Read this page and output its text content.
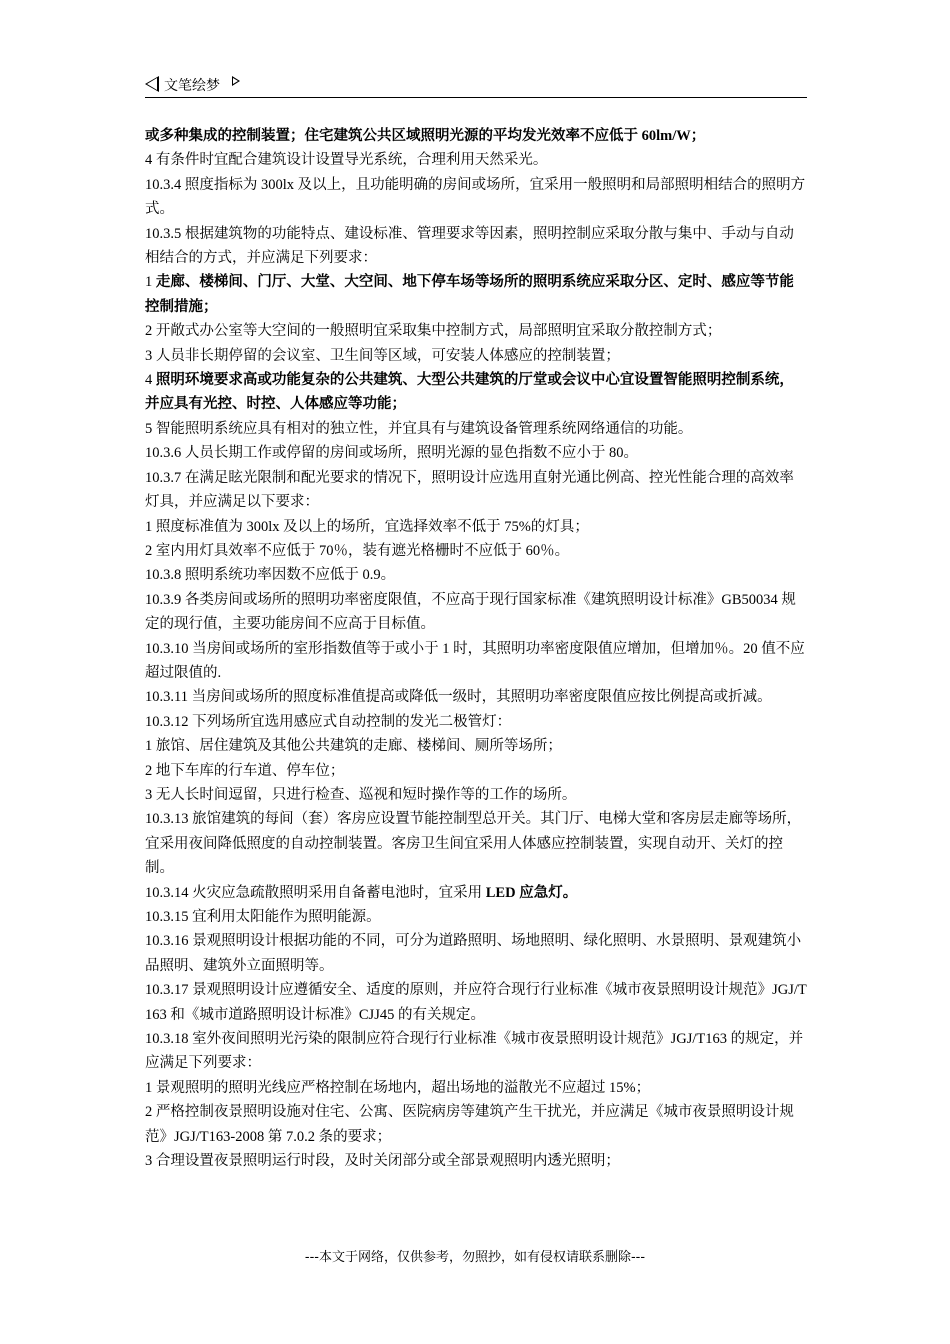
文笔绘梦

或多种集成的控制装置；住宅建筑公共区域照明光源的平均发光效率不应低于 60lm/W；

4 有条件时宜配合建筑设计设置导光系统，合理利用天然采光。

10.3.4 照度指标为 300lx 及以上，且功能明确的房间或场所，宜采用一般照明和局部照明相结合的照明方式。

10.3.5 根据建筑物的功能特点、建设标准、管理要求等因素，照明控制应采取分散与集中、手动与自动相结合的方式，并应满足下列要求：

1 走廊、楼梯间、门厅、大堂、大空间、地下停车场等场所的照明系统应采取分区、定时、感应等节能控制措施；

2 开敞式办公室等大空间的一般照明宜采取集中控制方式，局部照明宜采取分散控制方式；

3 人员非长期停留的会议室、卫生间等区域，可安装人体感应的控制装置；

4 照明环境要求高或功能复杂的公共建筑、大型公共建筑的厅堂或会议中心宜设置智能照明控制系统，并应具有光控、时控、人体感应等功能；

5 智能照明系统应具有相对的独立性，并宜具有与建筑设备管理系统网络通信的功能。

10.3.6 人员长期工作或停留的房间或场所，照明光源的显色指数不应小于 80。

10.3.7 在满足眩光限制和配光要求的情况下，照明设计应选用直射光通比例高、控光性能合理的高效率灯具，并应满足以下要求：

1 照度标准值为 300lx 及以上的场所，宜选择效率不低于 75%的灯具；

2 室内用灯具效率不应低于 70％，装有遮光格栅时不应低于 60％。

10.3.8 照明系统功率因数不应低于 0.9。

10.3.9 各类房间或场所的照明功率密度限值，不应高于现行国家标准《建筑照明设计标准》GB50034 规定的现行值，主要功能房间不应高于目标值。

10.3.10 当房间或场所的室形指数值等于或小于 1 时，其照明功率密度限值应增加，但增加％。20 值不应超过限值的.

10.3.11 当房间或场所的照度标准值提高或降低一级时，其照明功率密度限值应按比例提高或折减。

10.3.12 下列场所宜选用感应式自动控制的发光二极管灯：

1 旅馆、居住建筑及其他公共建筑的走廊、楼梯间、厕所等场所；

2 地下车库的行车道、停车位；

3 无人长时间逗留，只进行检查、巡视和短时操作等的工作的场所。

10.3.13 旅馆建筑的每间（套）客房应设置节能控制型总开关。其门厅、电梯大堂和客房层走廊等场所，宜采用夜间降低照度的自动控制装置。客房卫生间宜采用人体感应控制装置，实现自动开、关灯的控制。

10.3.14 火灾应急疏散照明采用自备蓄电池时，宜采用 LED 应急灯。

10.3.15 宜利用太阳能作为照明能源。

10.3.16 景观照明设计根据功能的不同，可分为道路照明、场地照明、绿化照明、水景照明、景观建筑小品照明、建筑外立面照明等。

10.3.17 景观照明设计应遵循安全、适度的原则，并应符合现行行业标准《城市夜景照明设计规范》JGJ/T163 和《城市道路照明设计标准》CJJ45 的有关规定。

10.3.18 室外夜间照明光污染的限制应符合现行行业标准《城市夜景照明设计规范》JGJ/T163 的规定，并应满足下列要求：

1 景观照明的照明光线应严格控制在场地内，超出场地的溢散光不应超过 15%；

2 严格控制夜景照明设施对住宅、公寓、医院病房等建筑产生干扰光，并应满足《城市夜景照明设计规范》JGJ/T163-2008 第 7.0.2 条的要求；

3 合理设置夜景照明运行时段，及时关闭部分或全部景观照明内透光照明；

---本文于网络，仅供参考，勿照抄，如有侵权请联系删除---
